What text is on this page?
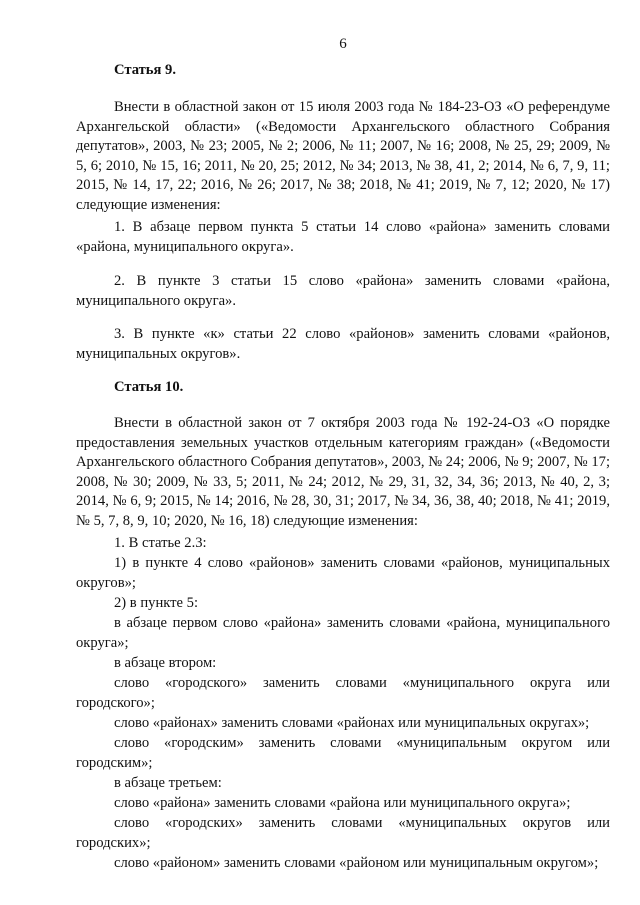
6
Статья 9.
Внести в областной закон от 15 июля 2003 года № 184-23-ОЗ «О референдуме Архангельской области» («Ведомости Архангельского областного Собрания депутатов», 2003, № 23; 2005, № 2; 2006, № 11; 2007, № 16; 2008, № 25, 29; 2009, № 5, 6; 2010, № 15, 16; 2011, № 20, 25; 2012, № 34; 2013, № 38, 41, 2; 2014, № 6, 7, 9, 11; 2015, № 14, 17, 22; 2016, № 26; 2017, № 38; 2018, № 41; 2019, № 7, 12; 2020, № 17) следующие изменения:
1. В абзаце первом пункта 5 статьи 14 слово «района» заменить словами «района, муниципального округа».
2. В пункте 3 статьи 15 слово «района» заменить словами «района, муниципального округа».
3. В пункте «к» статьи 22 слово «районов» заменить словами «районов, муниципальных округов».
Статья 10.
Внести в областной закон от 7 октября 2003 года № 192-24-ОЗ «О порядке предоставления земельных участков отдельным категориям граждан» («Ведомости Архангельского областного Собрания депутатов», 2003, № 24; 2006, № 9; 2007, № 17; 2008, № 30; 2009, № 33, 5; 2011, № 24; 2012, № 29, 31, 32, 34, 36; 2013, № 40, 2, 3; 2014, № 6, 9; 2015, № 14; 2016, № 28, 30, 31; 2017, № 34, 36, 38, 40; 2018, № 41; 2019, № 5, 7, 8, 9, 10; 2020, № 16, 18) следующие изменения:
1. В статье 2.3:
1) в пункте 4 слово «районов» заменить словами «районов, муниципальных округов»;
2) в пункте 5:
в абзаце первом слово «района» заменить словами «района, муниципального округа»;
в абзаце втором:
слово «городского» заменить словами «муниципального округа или городского»;
слово «районах» заменить словами «районах или муниципальных округах»;
слово «городским» заменить словами «муниципальным округом или городским»;
в абзаце третьем:
слово «района» заменить словами «района или муниципального округа»;
слово «городских» заменить словами «муниципальных округов или городских»;
слово «районом» заменить словами «районом или муниципальным округом»;
